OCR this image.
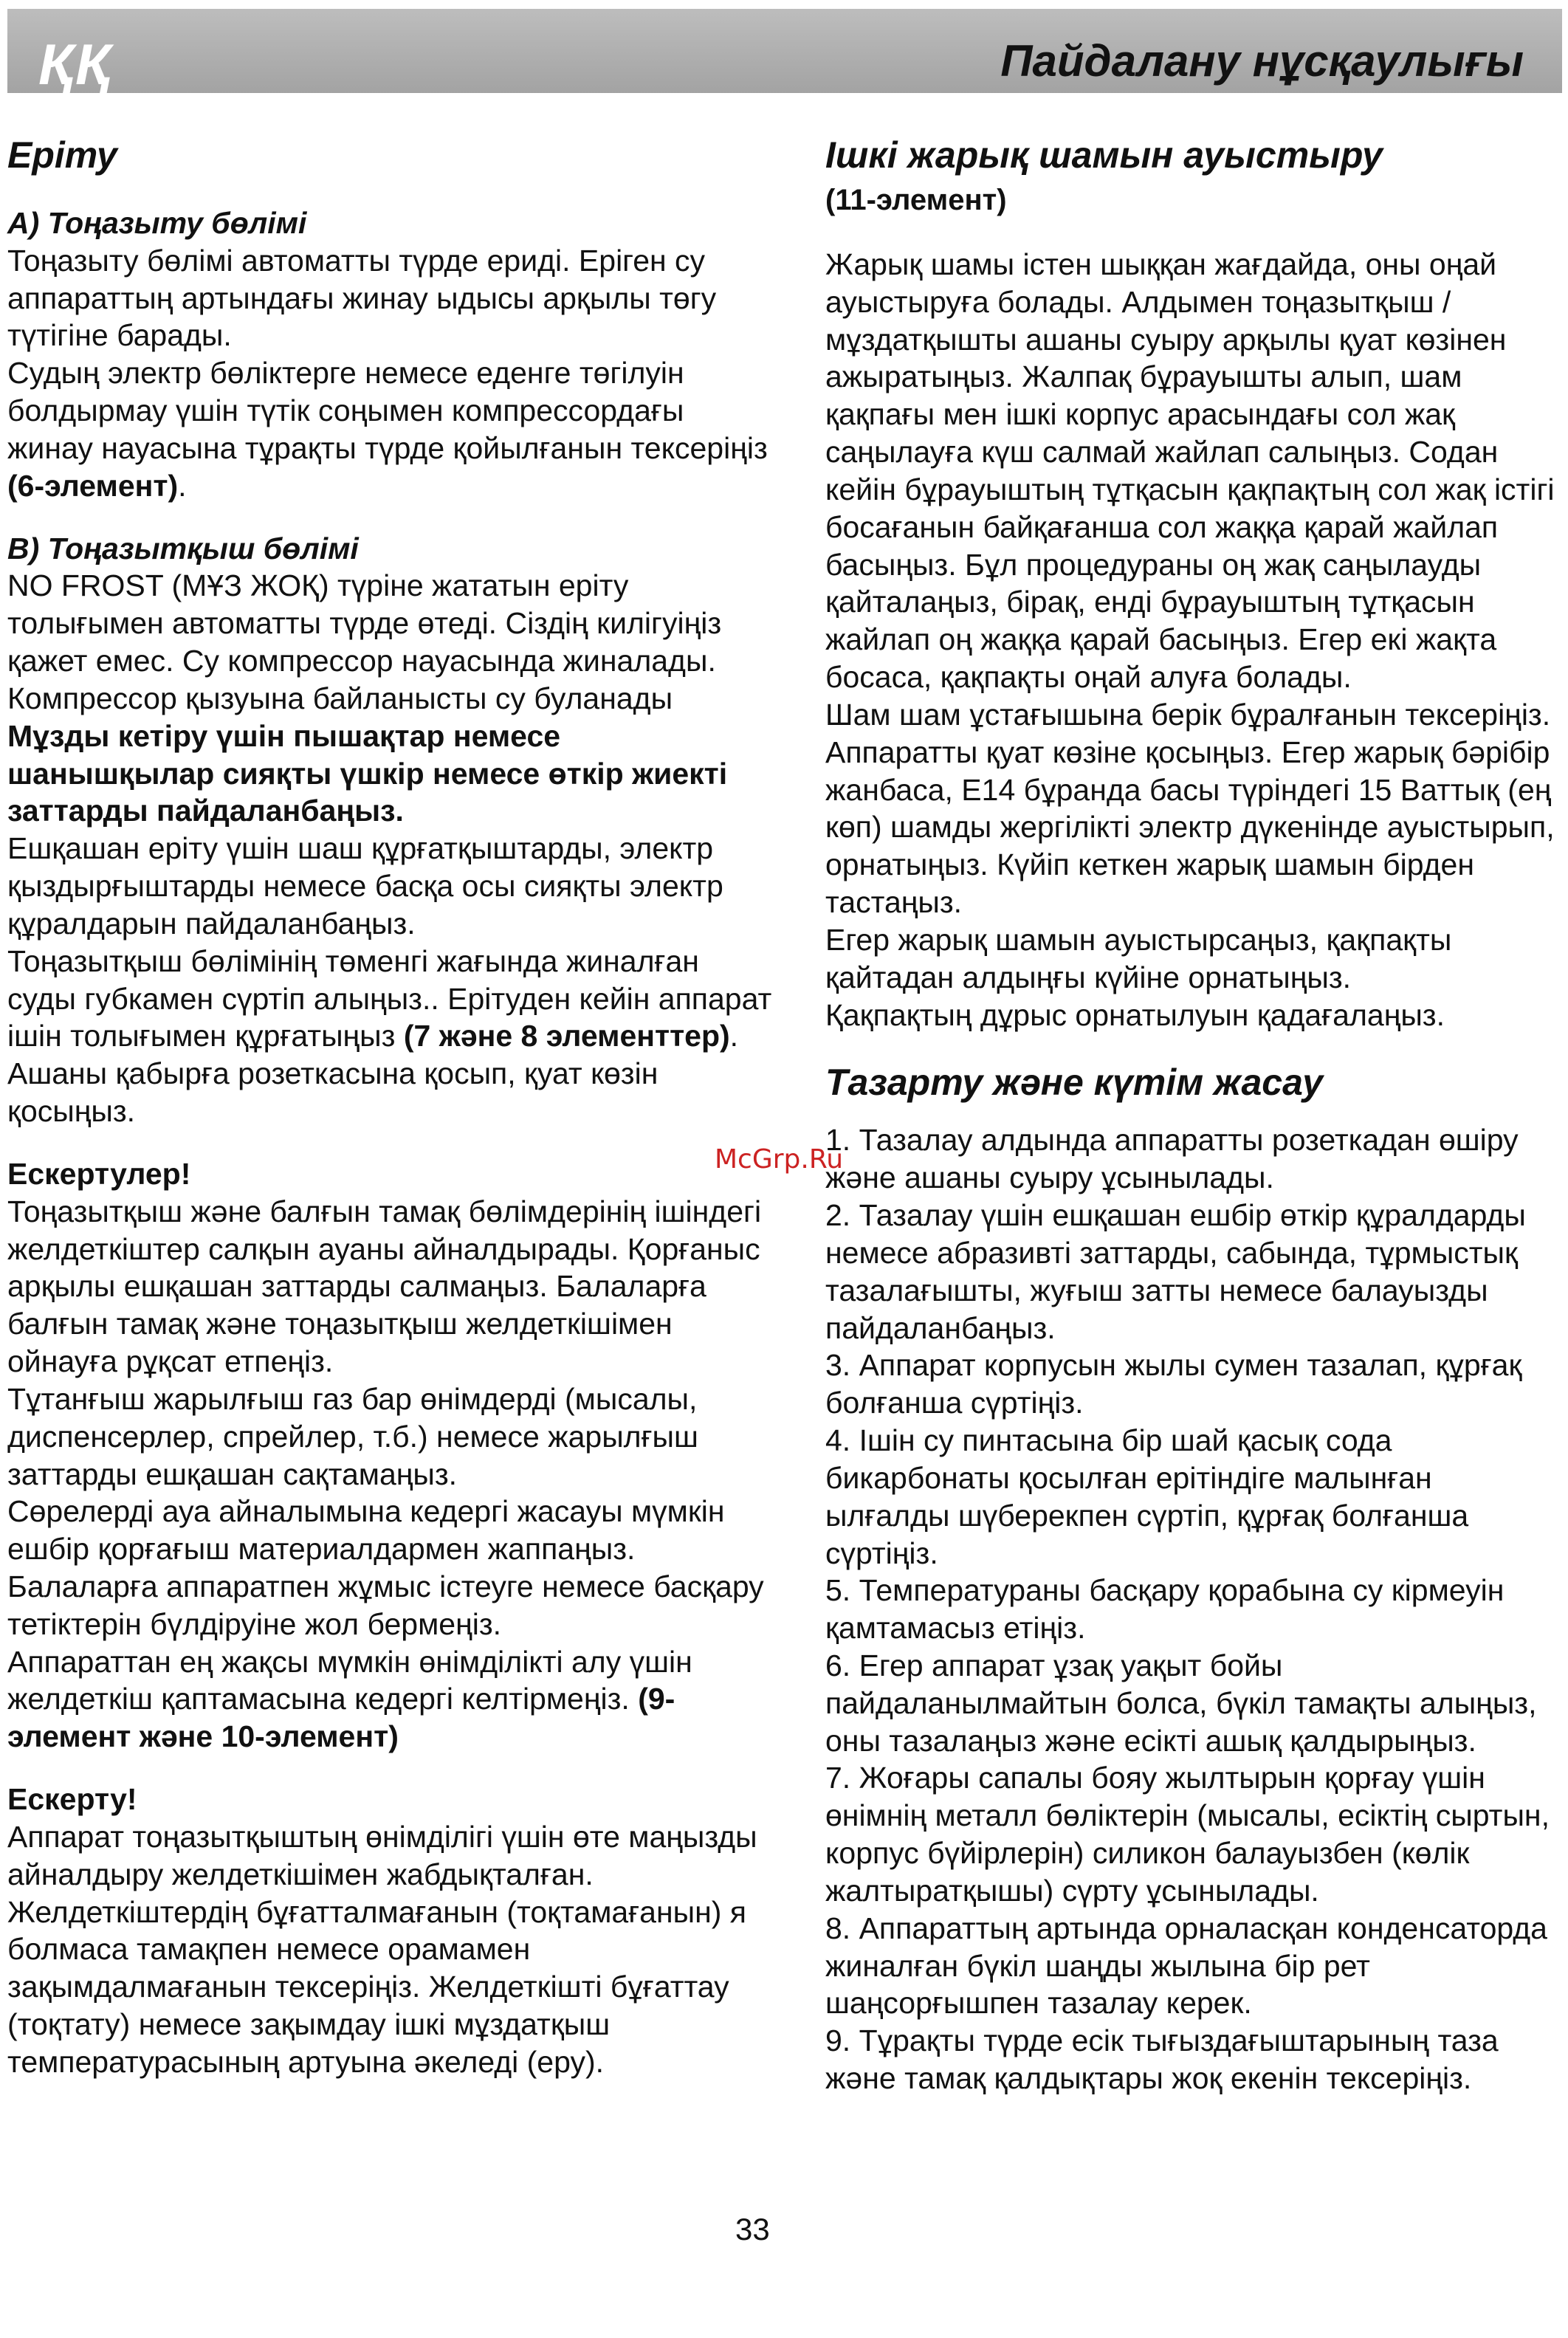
ҚҚ	Пайдалану нұсқаулығы
Еріту

A) Тоңазыту бөлімі

Тоңазыту бөлімі автоматты түрде ериді. Еріген су аппараттың артындағы жинау ыдысы арқылы төгу түтігіне барады.

Судың электр бөліктерге немесе еденге төгілуін болдырмау үшін түтік соңымен компрессордағы жинау науасына тұрақты түрде қойылғанын тексеріңіз (6-элемент).

B) Тоңазытқыш бөлімі

NO FROST (МҰЗ ЖОҚ) түріне жататын еріту толығымен автоматты түрде өтеді. Сіздің килігуіңіз қажет емес. Су компрессор науасында жиналады. Компрессор қызуына байланысты су буланады

Мұзды кетіру үшін пышақтар немесе шанышқылар сияқты үшкір немесе өткір жиекті заттарды пайдаланбаңыз.

Ешқашан еріту үшін шаш құрғатқыштарды, электр қыздырғыштарды немесе басқа осы сияқты электр құралдарын пайдаланбаңыз.

Тоңазытқыш бөлімінің төменгі жағында жиналған суды губкамен сүртіп алыңыз.. Ерітуден кейін аппарат ішін толығымен құрғатыңыз (7 және 8 элементтер). Ашаны қабырға розеткасына қосып, қуат көзін қосыңыз.

Ескертулер!

Тоңазытқыш және балғын тамақ бөлімдерінің ішіндегі желдеткіштер салқын ауаны айналдырады. Қорғаныс арқылы ешқашан заттарды салмаңыз. Балаларға балғын тамақ және тоңазытқыш желдеткішімен ойнауға рұқсат етпеңіз.

Тұтанғыш жарылғыш газ бар өнімдерді (мысалы, диспенсерлер, спрейлер, т.б.) немесе жарылғыш заттарды ешқашан сақтамаңыз.

Сөрелерді ауа айналымына кедергі жасауы мүмкін ешбір қорғағыш материалдармен жаппаңыз.

Балаларға аппаратпен жұмыс істеуге немесе басқару тетіктерін бүлдіруіне жол бермеңіз.

Аппараттан ең жақсы мүмкін өнімділікті алу үшін желдеткіш қаптамасына кедергі келтірмеңіз. (9-элемент және 10-элемент)

Ескерту!

Аппарат тоңазытқыштың өнімділігі үшін өте маңызды айналдыру желдеткішімен жабдықталған. Желдеткіштердің бұғатталмағанын (тоқтамағанын) я болмаса тамақпен немесе орамамен зақымдалмағанын тексеріңіз. Желдеткішті бұғаттау (тоқтату) немесе зақымдау ішкі мұздатқыш температурасының артуына әкеледі (еру).

Ішкі жарық шамын ауыстыру

(11-элемент)

Жарық шамы істен шыққан жағдайда, оны оңай ауыстыруға болады. Алдымен тоңазытқыш / мұздатқышты ашаны суыру арқылы қуат көзінен ажыратыңыз. Жалпақ бұрауышты алып, шам қақпағы мен ішкі корпус арасындағы сол жақ саңылауға күш салмай жайлап салыңыз. Содан кейін бұрауыштың тұтқасын қақпақтың сол жақ істігі босағанын байқағанша сол жаққа қарай жайлап басыңыз. Бұл процедураны оң жақ саңылауды қайталаңыз, бірақ, енді бұрауыштың тұтқасын жайлап оң жаққа қарай басыңыз. Егер екі жақта босаса, қақпақты оңай алуға болады.

Шам шам ұстағышына берік бұралғанын тексеріңіз. Аппаратты қуат көзіне қосыңыз. Егер жарық бәрібір жанбаса, E14 бұранда басы түріндегі 15 Ваттық (ең көп) шамды жергілікті электр дүкенінде ауыстырып, орнатыңыз. Күйіп кеткен жарық шамын бірден тастаңыз.

Егер жарық шамын ауыстырсаңыз, қақпақты қайтадан алдыңғы күйіне орнатыңыз.

Қақпақтың дұрыс орнатылуын қадағалаңыз.

Тазарту және күтім жасау

1. Тазалау алдында аппаратты розеткадан өшіру және ашаны суыру ұсынылады.

2. Тазалау үшін ешқашан ешбір өткір құралдарды немесе абразивті заттарды, сабында, тұрмыстық тазалағышты, жуғыш затты немесе балауызды пайдаланбаңыз.

3. Аппарат корпусын жылы сумен тазалап, құрғақ болғанша сүртіңіз.

4. Ішін су пинтасына бір шай қасық сода бикарбонаты қосылған ерітіндіге малынған ылғалды шүберекпен сүртіп, құрғақ болғанша сүртіңіз.

5. Температураны басқару қорабына су кірмеуін қамтамасыз етіңіз.

6. Егер аппарат ұзақ уақыт бойы пайдаланылмайтын болса, бүкіл тамақты алыңыз, оны тазалаңыз және есікті ашық қалдырыңыз.

7. Жоғары сапалы бояу жылтырын қорғау үшін өнімнің металл бөліктерін (мысалы, есіктің сыртын, корпус бүйірлерін) силикон балауызбен (көлік жалтыратқышы) сүрту ұсынылады.

8. Аппараттың артында орналасқан конденсаторда жиналған бүкіл шаңды жылына бір рет шаңсорғышпен тазалау керек.

9. Тұрақты түрде есік тығыздағыштарының таза және тамақ қалдықтары жоқ екенін тексеріңіз.

McGrp.Ru
33
